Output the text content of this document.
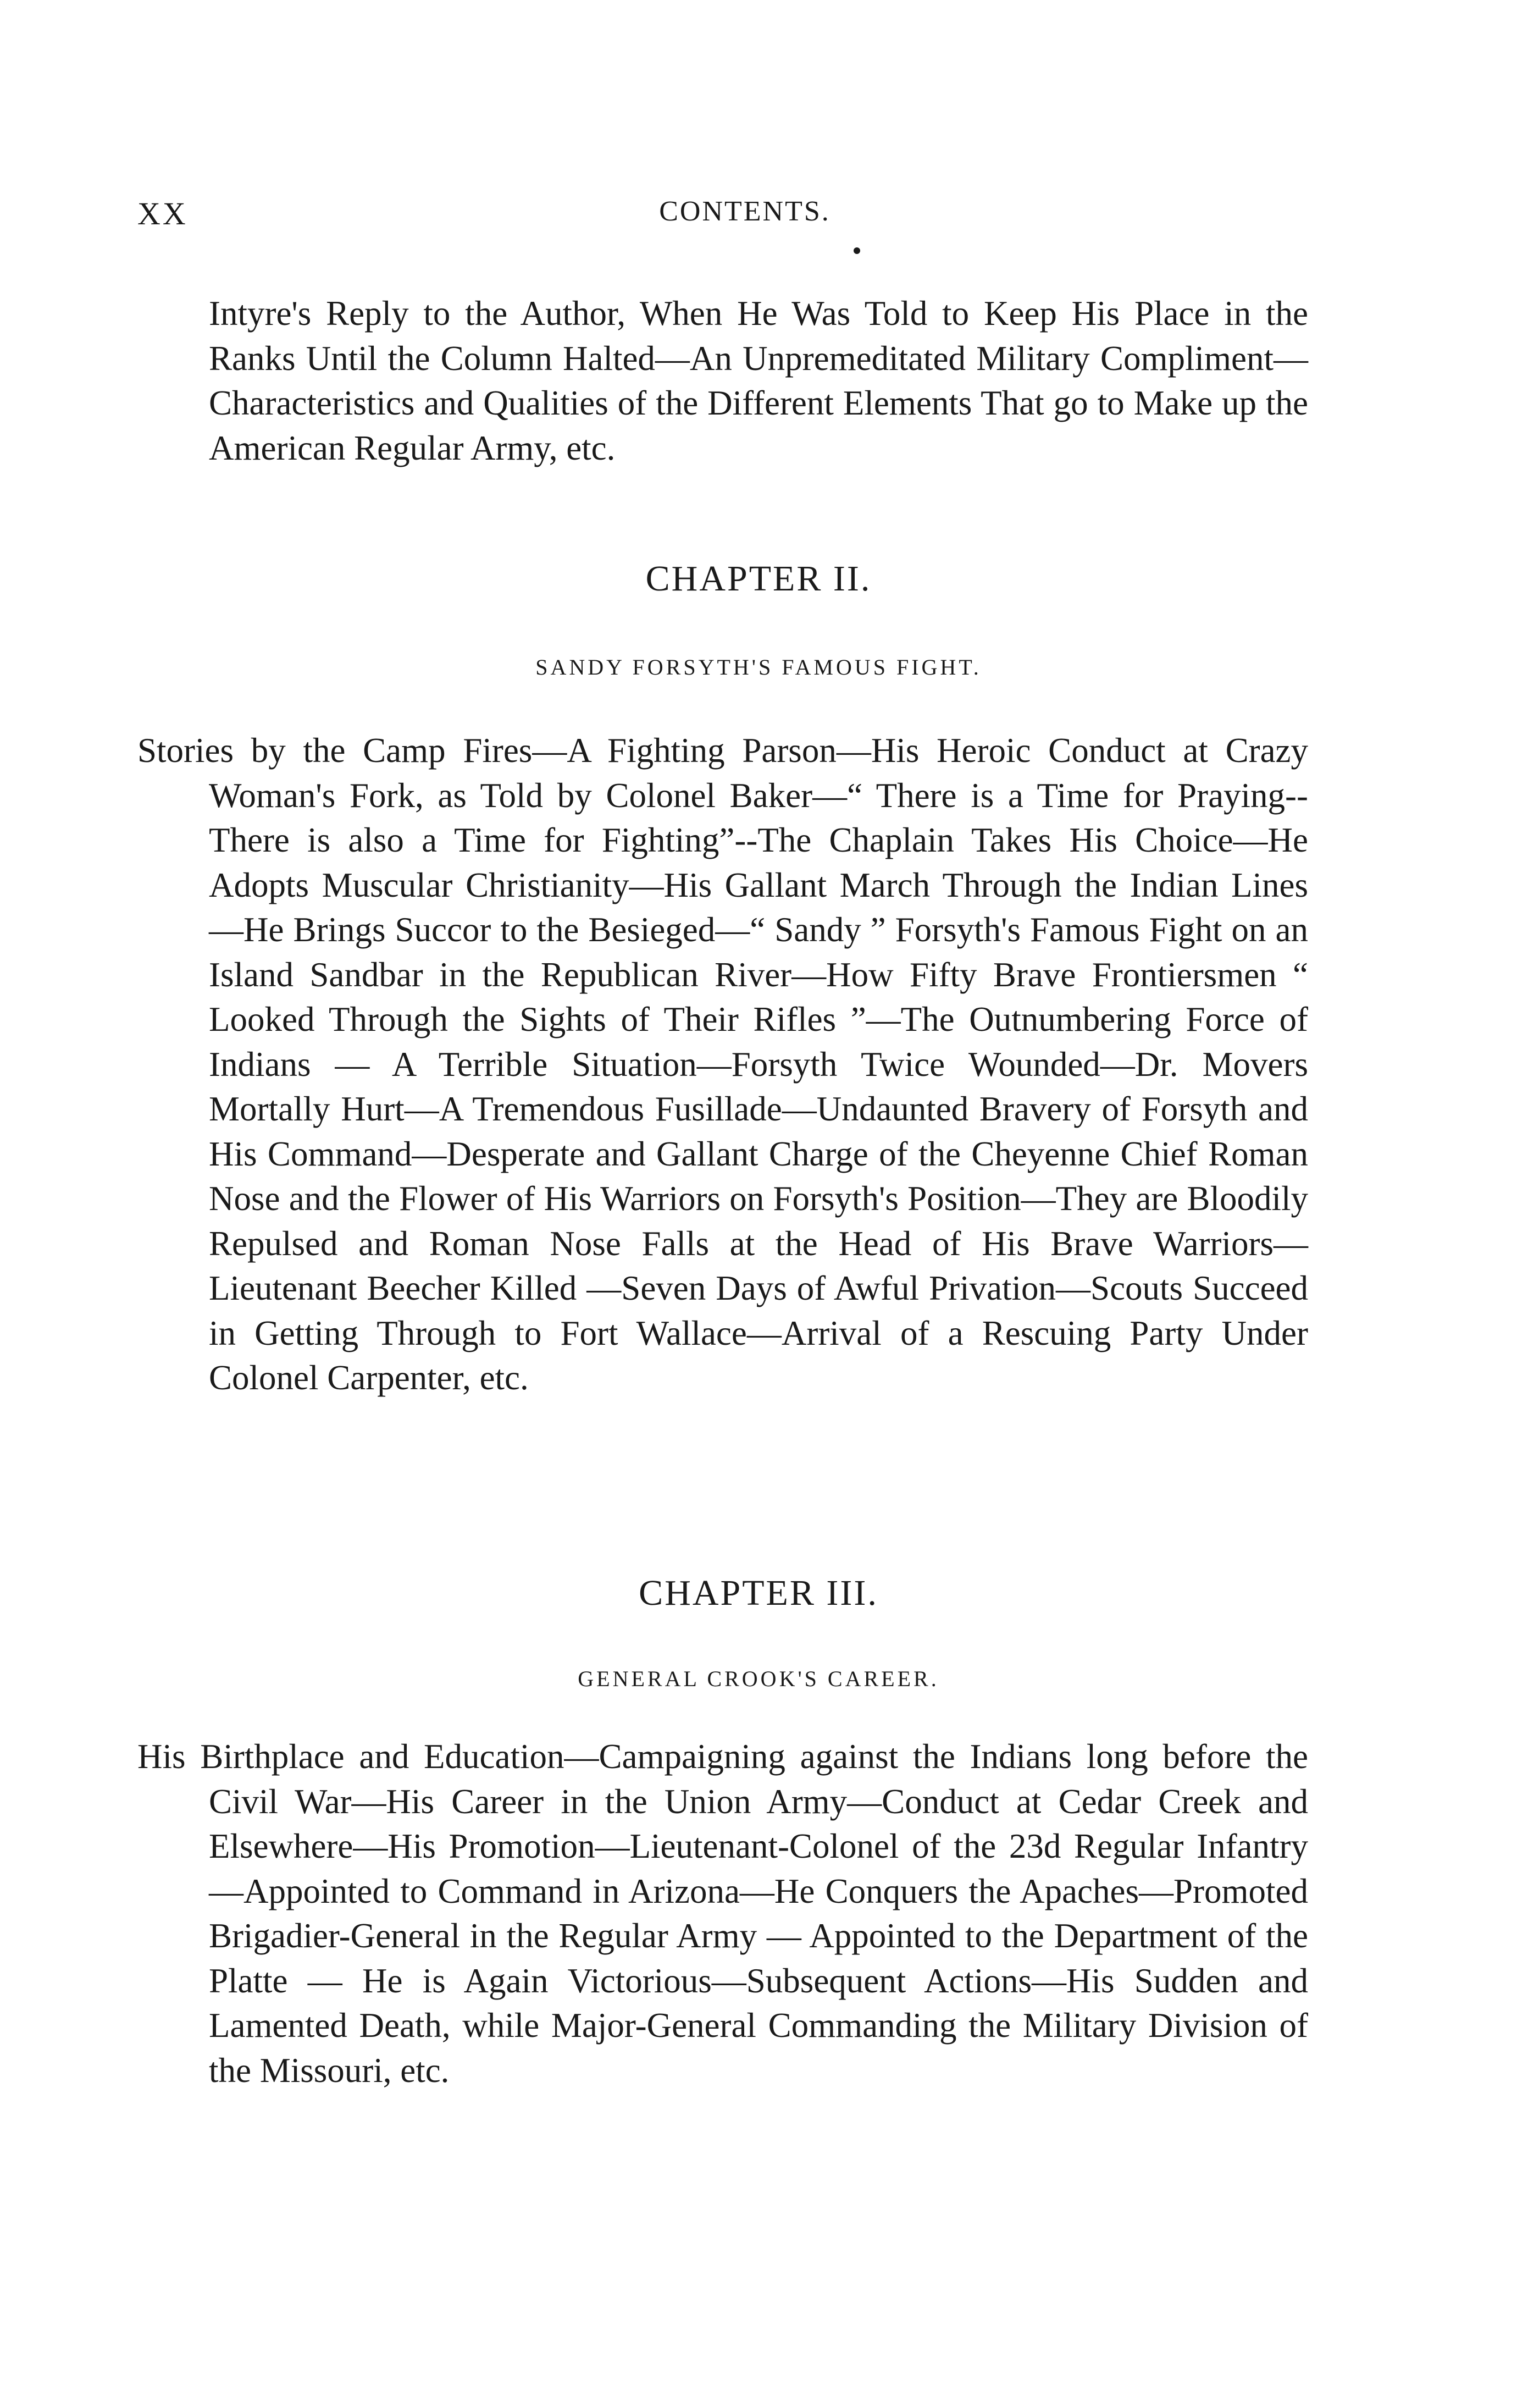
XX	CONTENTS.

Intyre's Reply to the Author, When He Was Told to Keep His Place in the Ranks Until the Column Halted—An Unpremeditated Military Compliment—Characteristics and Qualities of the Different Elements That go to Make up the American Regular Army, etc.

CHAPTER II.
SANDY FORSYTH'S FAMOUS FIGHT.

Stories by the Camp Fires—A Fighting Parson—His Heroic Conduct at Crazy Woman's Fork, as Told by Colonel Baker—“ There is a Time for Praying--There is also a Time for Fighting”--The Chaplain Takes His Choice—He Adopts Muscular Christianity—His Gallant March Through the Indian Lines—He Brings Succor to the Besieged—“ Sandy ” Forsyth's Famous Fight on an Island Sandbar in the Republican River—How Fifty Brave Frontiersmen “ Looked Through the Sights of Their Rifles ”—The Outnumbering Force of Indians — A Terrible Situation—Forsyth Twice Wounded—Dr. Movers Mortally Hurt—A Tremendous Fusillade—Undaunted Bravery of Forsyth and His Command—Desperate and Gallant Charge of the Cheyenne Chief Roman Nose and the Flower of His Warriors on Forsyth's Position—They are Bloodily Repulsed and Roman Nose Falls at the Head of His Brave Warriors—Lieutenant Beecher Killed —Seven Days of Awful Privation—Scouts Succeed in Getting Through to Fort Wallace—Arrival of a Rescuing Party Under Colonel Carpenter, etc.

CHAPTER III.
GENERAL CROOK'S CAREER.

His Birthplace and Education—Campaigning against the Indians long before the Civil War—His Career in the Union Army—Conduct at Cedar Creek and Elsewhere—His Promotion—Lieutenant-Colonel of the 23d Regular Infantry—Appointed to Command in Arizona—He Conquers the Apaches—Promoted Brigadier-General in the Regular Army — Appointed to the Department of the Platte — He is Again Victorious—Subsequent Actions—His Sudden and Lamented Death, while Major-General Commanding the Military Division of the Missouri, etc.
